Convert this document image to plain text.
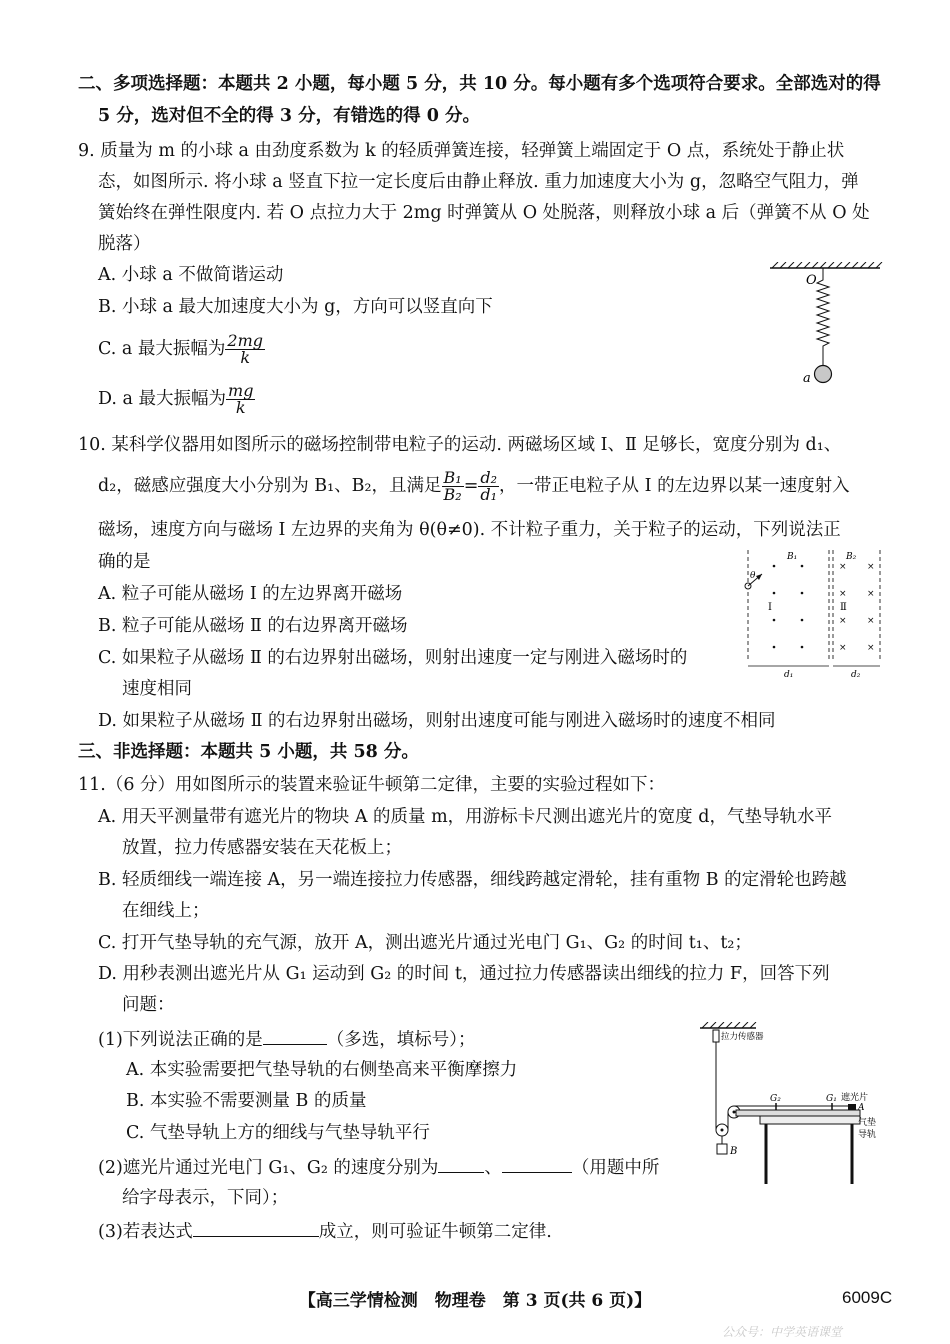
二、多项选择题：本题共 2 小题，每小题 5 分，共 10 分。每小题有多个选项符合要求。全部选对的得
5 分，选对但不全的得 3 分，有错选的得 0 分。
9. 质量为 m 的小球 a 由劲度系数为 k 的轻质弹簧连接，轻弹簧上端固定于 O 点，系统处于静止状
态，如图所示. 将小球 a 竖直下拉一定长度后由静止释放. 重力加速度大小为 g，忽略空气阻力，弹
簧始终在弹性限度内. 若 O 点拉力大于 2mg 时弹簧从 O 处脱落，则释放小球 a 后（弹簧不从 O 处
脱落）
A. 小球 a 不做简谐运动
B. 小球 a 最大加速度大小为 g，方向可以竖直向下
C. a 最大振幅为 $\frac{2mg}{k}$
D. a 最大振幅为 $\frac{mg}{k}$
O
a
10. 某科学仪器用如图所示的磁场控制带电粒子的运动. 两磁场区域 Ⅰ、Ⅱ 足够长，宽度分别为 d₁、
d₂，磁感应强度大小分别为 B₁、B₂，且满足 $\frac{\text{B₁}}{\text{B₂}} = \frac{\text{d₂}}{\text{d₁}}$ ，一带正电粒子从 Ⅰ 的左边界以某一速度射入
磁场，速度方向与磁场 Ⅰ 左边界的夹角为 θ(θ≠0). 不计粒子重力，关于粒子的运动，下列说法正
确的是
A. 粒子可能从磁场 Ⅰ 的左边界离开磁场
B. 粒子可能从磁场 Ⅱ 的右边界离开磁场
C. 如果粒子从磁场 Ⅱ 的右边界射出磁场，则射出速度一定与刚进入磁场时的
速度相同
D. 如果粒子从磁场 Ⅱ 的右边界射出磁场，则射出速度可能与刚进入磁场时的速度不相同
B₁	B₂
× ×
× ×
× ×
× ×
Ⅰ	Ⅱ
θ
d₁	d₂
三、非选择题：本题共 5 小题，共 58 分。
11.（6 分）用如图所示的装置来验证牛顿第二定律，主要的实验过程如下：
A. 用天平测量带有遮光片的物块 A 的质量 m，用游标卡尺测出遮光片的宽度 d，气垫导轨水平
放置，拉力传感器安装在天花板上；
B. 轻质细线一端连接 A，另一端连接拉力传感器，细线跨越定滑轮，挂有重物 B 的定滑轮也跨越
在细线上；
C. 打开气垫导轨的充气源，放开 A，测出遮光片通过光电门 G₁、G₂ 的时间 t₁、t₂；
D. 用秒表测出遮光片从 G₁ 运动到 G₂ 的时间 t，通过拉力传感器读出细线的拉力 F，回答下列
问题：
(1)下列说法正确的是	（多选，填标号）；
A. 本实验需要把气垫导轨的右侧垫高来平衡摩擦力
B. 本实验不需要测量 B 的质量
C. 气垫导轨上方的细线与气垫导轨平行
(2)遮光片通过光电门 G₁、G₂ 的速度分别为	、	（用题中所
给字母表示，下同）；
(3)若表达式	成立，则可验证牛顿第二定律.
拉力传感器
B
G₂	G₁ 遮光片
A
气垫
导轨
【高三学情检测　物理卷　第 3 页(共 6 页)】	6009C
公众号：中学英语课堂
